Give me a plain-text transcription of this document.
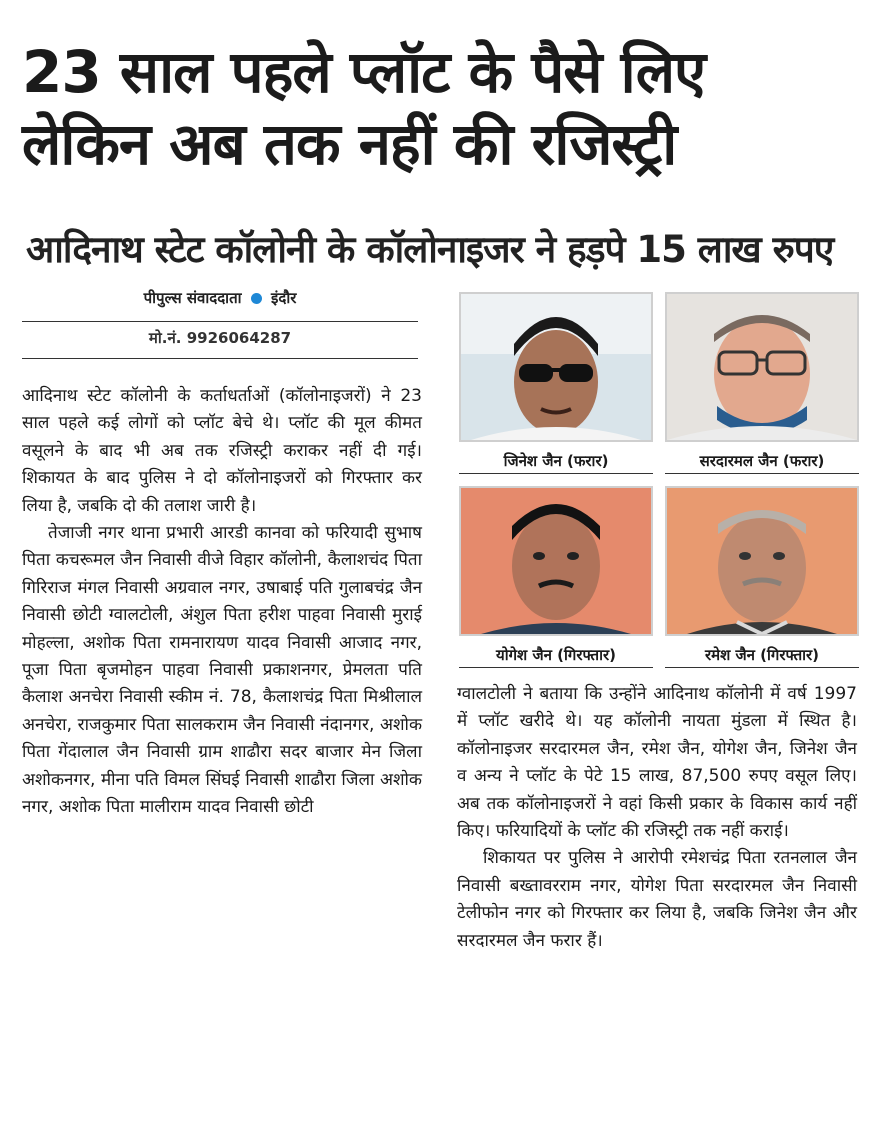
23 साल पहले प्लॉट के पैसे लिए
लेकिन अब तक नहीं की रजिस्ट्री
आदिनाथ स्टेट कॉलोनी के कॉलोनाइजर ने हड़पे 15 लाख रुपए
पीपुल्स संवाददाता इंदौर
मो.नं. 9926064287

आदिनाथ स्टेट कॉलोनी के कर्ताधर्ताओं (कॉलोनाइजरों) ने 23 साल पहले कई लोगों को प्लॉट बेचे थे। प्लॉट की मूल कीमत वसूलने के बाद भी अब तक रजिस्ट्री कराकर नहीं दी गई। शिकायत के बाद पुलिस ने दो कॉलोनाइजरों को गिरफ्तार कर लिया है, जबकि दो की तलाश जारी है।

तेजाजी नगर थाना प्रभारी आरडी कानवा को फरियादी सुभाष पिता कचरूमल जैन निवासी वीजे विहार कॉलोनी, कैलाशचंद पिता गिरिराज मंगल निवासी अग्रवाल नगर, उषाबाई पति गुलाबचंद्र जैन निवासी छोटी ग्वालटोली, अंशुल पिता हरीश पाहवा निवासी मुराई मोहल्ला, अशोक पिता रामनारायण यादव निवासी आजाद नगर, पूजा पिता बृजमोहन पाहवा निवासी प्रकाशनगर, प्रेमलता पति कैलाश अनचेरा निवासी स्कीम नं. 78, कैलाशचंद्र पिता मिश्रीलाल अनचेरा, राजकुमार पिता सालकराम जैन निवासी नंदानगर, अशोक पिता गेंदालाल जैन निवासी ग्राम शाढौरा सदर बाजार मेन जिला अशोकनगर, मीना पति विमल सिंघई निवासी शाढौरा जिला अशोक नगर, अशोक पिता मालीराम यादव निवासी छोटी

जिनेश जैन (फरार)	सरदारमल जैन (फरार)
योगेश जैन (गिरफ्तार)	रमेश जैन (गिरफ्तार)

ग्वालटोली ने बताया कि उन्होंने आदिनाथ कॉलोनी में वर्ष 1997 में प्लॉट खरीदे थे। यह कॉलोनी नायता मुंडला में स्थित है। कॉलोनाइजर सरदारमल जैन, रमेश जैन, योगेश जैन, जिनेश जैन व अन्य ने प्लॉट के पेटे 15 लाख, 87,500 रुपए वसूल लिए। अब तक कॉलोनाइजरों ने वहां किसी प्रकार के विकास कार्य नहीं किए। फरियादियों के प्लॉट की रजिस्ट्री तक नहीं कराई।

शिकायत पर पुलिस ने आरोपी रमेशचंद्र पिता रतनलाल जैन निवासी बख्तावरराम नगर, योगेश पिता सरदारमल जैन निवासी टेलीफोन नगर को गिरफ्तार कर लिया है, जबकि जिनेश जैन और सरदारमल जैन फरार हैं।
